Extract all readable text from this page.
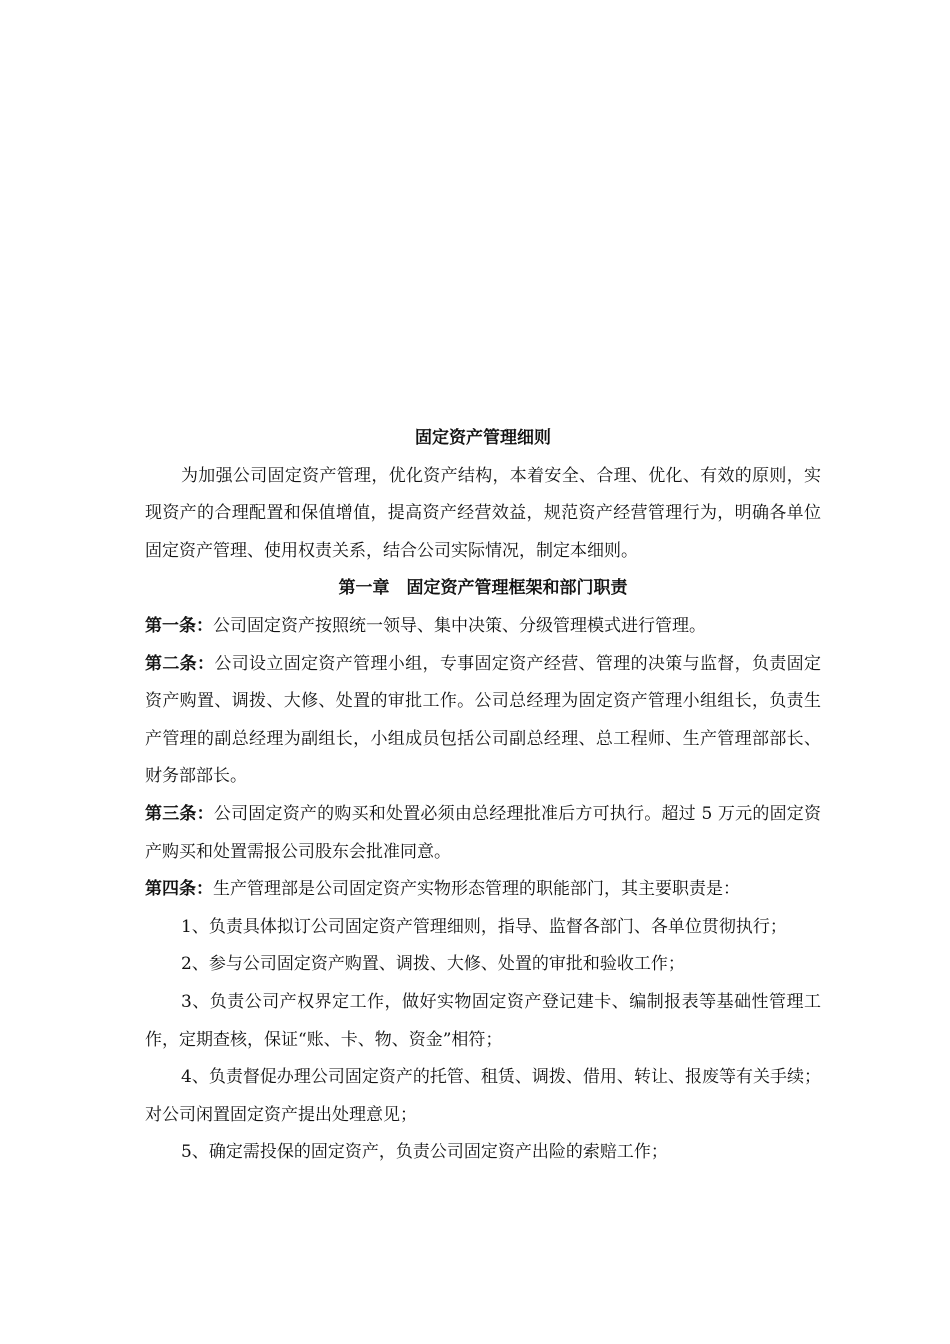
固定资产管理细则

为加强公司固定资产管理，优化资产结构，本着安全、合理、优化、有效的原则，实现资产的合理配置和保值增值，提高资产经营效益，规范资产经营管理行为，明确各单位固定资产管理、使用权责关系，结合公司实际情况，制定本细则。

第一章　固定资产管理框架和部门职责

第一条：公司固定资产按照统一领导、集中决策、分级管理模式进行管理。

第二条：公司设立固定资产管理小组，专事固定资产经营、管理的决策与监督，负责固定资产购置、调拨、大修、处置的审批工作。公司总经理为固定资产管理小组组长，负责生产管理的副总经理为副组长，小组成员包括公司副总经理、总工程师、生产管理部部长、财务部部长。

第三条：公司固定资产的购买和处置必须由总经理批准后方可执行。超过 5 万元的固定资产购买和处置需报公司股东会批准同意。

第四条：生产管理部是公司固定资产实物形态管理的职能部门，其主要职责是：

1、负责具体拟订公司固定资产管理细则，指导、监督各部门、各单位贯彻执行；

2、参与公司固定资产购置、调拨、大修、处置的审批和验收工作；

3、负责公司产权界定工作，做好实物固定资产登记建卡、编制报表等基础性管理工作，定期查核，保证“账、卡、物、资金”相符；

4、负责督促办理公司固定资产的托管、租赁、调拨、借用、转让、报废等有关手续；对公司闲置固定资产提出处理意见；

5、确定需投保的固定资产，负责公司固定资产出险的索赔工作；
